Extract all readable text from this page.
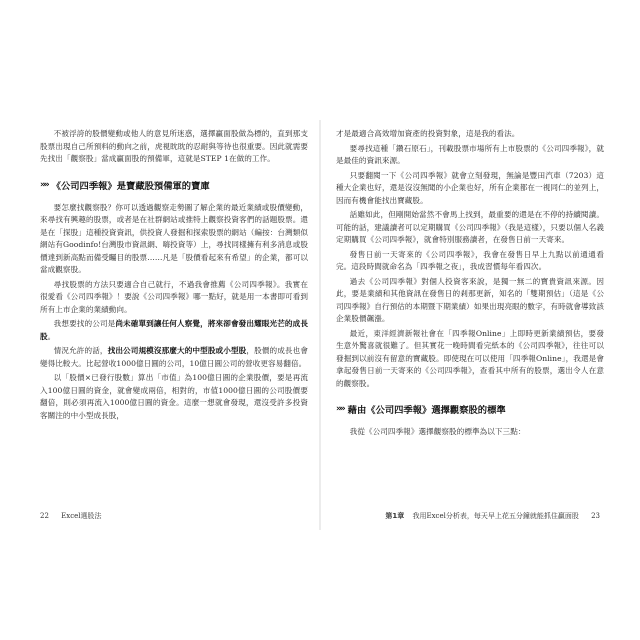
不被浮誇的股價變動或他人的意見所迷惑，選擇贏面股做為標的，直到那支股票出現自己所預料的動向之前，虎視眈眈的忍耐與等待也很重要。因此就需要先找出「觀察股」當成贏面股的預備軍，這就是STEP 1在做的工作。

»» 《公司四季報》是寶藏股預備軍的寶庫

要怎麼找觀察股？你可以透過觀察走勢圖了解企業的最近業績或股價變動，來尋找有興趣的股票，或者是在社群網站或推特上觀察投資客們的話題股票。還是在「探股」這種投資資訊，供投資人發掘和探索股票的網站（編按：台灣類似網站有Goodinfo!台灣股市資訊網、嗨投資等）上，尋找同樣擁有利多消息或股價達到新高點而備受矚目的股票……凡是「股價看起來有希望」的企業，都可以當成觀察股。

尋找股票的方法只要適合自己就行，不過我會推薦《公司四季報》。我實在很愛看《公司四季報》！要說《公司四季報》哪一點好，就是用一本書即可看到所有上市企業的業績動向。

我想要找的公司是尚未確單到讓任何人察覺，將來卻會發出耀眼光芒的成長股。

情況允許的話，找出公司規模沒那麼大的中型股或小型股，股價的成長也會變得比較大。比起營收1000億日圓的公司，10億日圓公司的營收更容易翻倍。

以「股價×已發行股數」算出「市值」為100億日圓的企業股價，要是再流入100億日圓的資金，就會變成兩倍，相對的，市值1000億日圓的公司股價要翻倍，則必須再流入1000億日圓的資金。這麼一想就會發現，還沒受許多投資客關注的中小型成長股，

才是最適合高效增加資產的投資對象，這是我的看法。

要尋找這種「鑽石原石」，刊載股票市場所有上市股票的《公司四季報》，就是最佳的資訊來源。

只要翻閱一下《公司四季報》就會立刻發現，無論是豐田汽車（7203）這種大企業也好，還是沒沒無聞的小企業也好，所有企業都在一視同仁的並列上，因而有機會能找出寶藏股。

話雖如此，但剛開始當然不會馬上找到，最重要的還是在不停的持續閱讀。可能的話，建議讀者可以定期購買《公司四季報》（我是這樣），只要以個人名義定期購買《公司四季報》，就會特別服務讀者，在發售日前一天寄來。

發售日前一天寄來的《公司四季報》，我會在發售日早上九點以前通通看完。這段時間就命名為「四季報之夜」，我成習慣每年看四次。

過去《公司四季報》對個人投資客來說，是獨一無二的寶貴資訊來源。因此，要是業績和其他資訊在發售日的剎那更新，知名的「雙期預估」（這是《公司四季報》自行預估的本期暨下期業績）如果出現亮眼的數字，有時就會導致該企業股價飆漲。

最近，東洋經濟新報社會在「四季報Online」上即時更新業績預估，要發生意外驚喜就很難了。但其實花一晚時間看完紙本的《公司四季報》，往往可以發掘到以前沒有留意的寶藏股。即使現在可以使用「四季報Online」，我還是會拿起發售日前一天寄來的《公司四季報》，查看其中所有的股票，選出令人在意的觀察股。

»» 藉由《公司四季報》選擇觀察股的標準

我從《公司四季報》選擇觀察股的標準為以下三點：

22 Excel選股法	第1章 我用Excel分析表，每天早上花五分鐘就能抓住贏面股 23
